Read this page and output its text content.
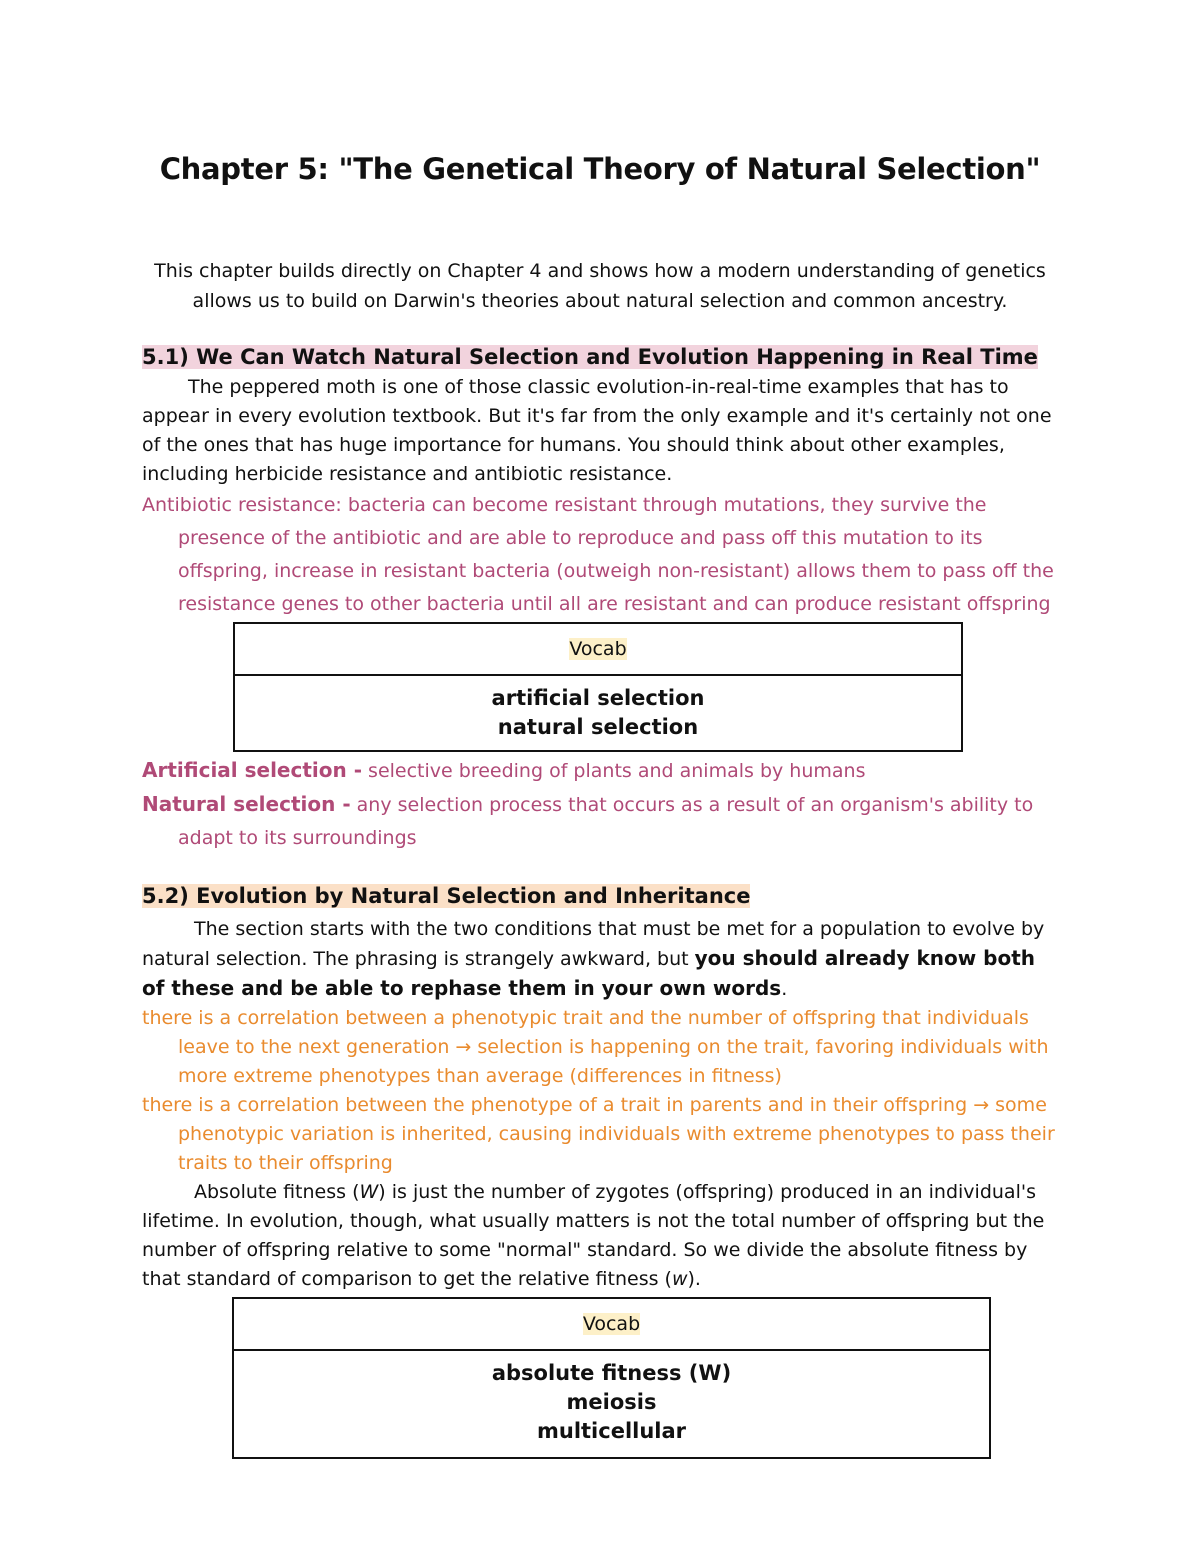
Chapter 5: "The Genetical Theory of Natural Selection"
This chapter builds directly on Chapter 4 and shows how a modern understanding of genetics allows us to build on Darwin's theories about natural selection and common ancestry.
5.1) We Can Watch Natural Selection and Evolution Happening in Real TimeThe peppered moth is one of those classic evolution-in-real-time examples that has to appear in every evolution textbook. But it's far from the only example and it's certainly not one of the ones that has huge importance for humans. You should think about other examples, including herbicide resistance and antibiotic resistance.
Antibiotic resistance: bacteria can become resistant through mutations, they survive the presence of the antibiotic and are able to reproduce and pass off this mutation to its offspring, increase in resistant bacteria (outweigh non-resistant) allows them to pass off the resistance genes to other bacteria until all are resistant and can produce resistant offspring
Vocab
artificial selection
natural selection
Artificial selection - selective breeding of plants and animals by humans
Natural selection - any selection process that occurs as a result of an organism's ability to adapt to its surroundings
5.2) Evolution by Natural Selection and Inheritance
The section starts with the two conditions that must be met for a population to evolve by natural selection. The phrasing is strangely awkward, but you should already know both of these and be able to rephase them in your own words.
there is a correlation between a phenotypic trait and the number of offspring that individuals leave to the next generation → selection is happening on the trait, favoring individuals with more extreme phenotypes than average (differences in fitness)
there is a correlation between the phenotype of a trait in parents and in their offspring → some phenotypic variation is inherited, causing individuals with extreme phenotypes to pass their traits to their offspring
Absolute fitness (W) is just the number of zygotes (offspring) produced in an individual's lifetime. In evolution, though, what usually matters is not the total number of offspring but the number of offspring relative to some "normal" standard. So we divide the absolute fitness by that standard of comparison to get the relative fitness (w).
Vocab
absolute fitness (W)
meiosis
multicellular
